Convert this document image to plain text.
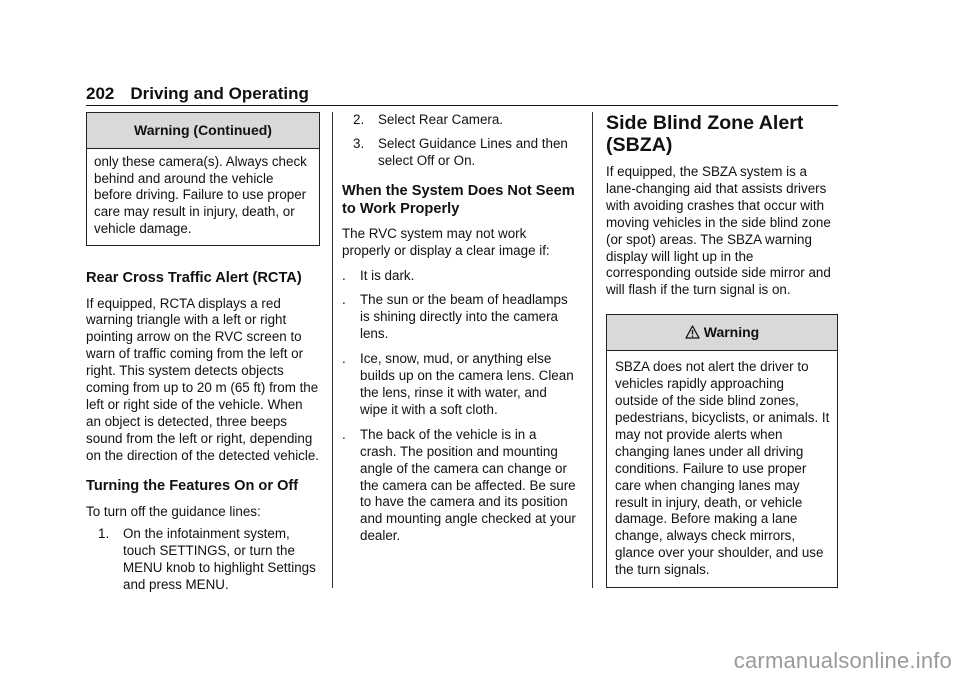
202 Driving and Operating
Warning (Continued)
only these camera(s). Always check behind and around the vehicle before driving. Failure to use proper care may result in injury, death, or vehicle damage.
Rear Cross Traffic Alert (RCTA)

If equipped, RCTA displays a red warning triangle with a left or right pointing arrow on the RVC screen to warn of traffic coming from the left or right. This system detects objects coming from up to 20 m (65 ft) from the left or right side of the vehicle. When an object is detected, three beeps sound from the left or right, depending on the direction of the detected vehicle.

Turning the Features On or Off

To turn off the guidance lines:

1.	On the infotainment system, touch SETTINGS, or turn the MENU knob to highlight Settings and press MENU.
2.	Select Rear Camera.
3.	Select Guidance Lines and then select Off or On.
When the System Does Not Seem to Work Properly

The RVC system may not work properly or display a clear image if:

.	It is dark.
.	The sun or the beam of headlamps is shining directly into the camera lens.
.	Ice, snow, mud, or anything else builds up on the camera lens. Clean the lens, rinse it with water, and wipe it with a soft cloth.
.	The back of the vehicle is in a crash. The position and mounting angle of the camera can change or the camera can be affected. Be sure to have the camera and its position and mounting angle checked at your dealer.
Side Blind Zone Alert (SBZA)

If equipped, the SBZA system is a lane-changing aid that assists drivers with avoiding crashes that occur with moving vehicles in the side blind zone (or spot) areas. The SBZA warning display will light up in the corresponding outside side mirror and will flash if the turn signal is on.

Warning
SBZA does not alert the driver to vehicles rapidly approaching outside of the side blind zones, pedestrians, bicyclists, or animals. It may not provide alerts when changing lanes under all driving conditions. Failure to use proper care when changing lanes may result in injury, death, or vehicle damage. Before making a lane change, always check mirrors, glance over your shoulder, and use the turn signals.
carmanualsonline.info
